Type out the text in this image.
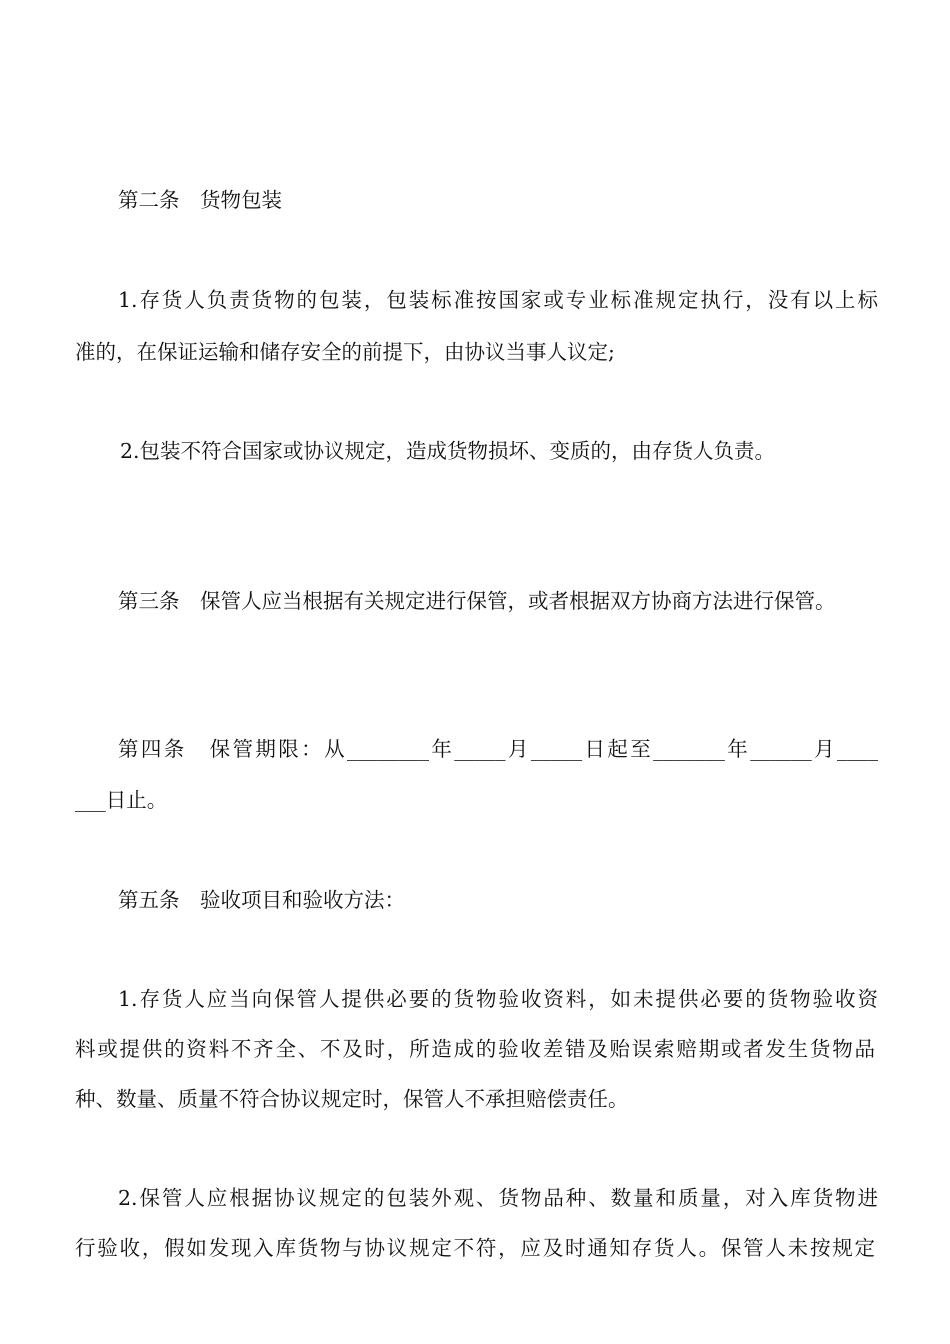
第二条　货物包装

1.存货人负责货物的包装，包装标准按国家或专业标准规定执行，没有以上标

准的，在保证运输和储存安全的前提下，由协议当事人议定;

2.包装不符合国家或协议规定，造成货物损坏、变质的，由存货人负责。

第三条　保管人应当根据有关规定进行保管，或者根据双方协商方法进行保管。

第四条　保管期限：从________年_____月_____日起至_______年______月____

___日止。

第五条　验收项目和验收方法：

1.存货人应当向保管人提供必要的货物验收资料，如未提供必要的货物验收资

料或提供的资料不齐全、不及时，所造成的验收差错及贻误索赔期或者发生货物品

种、数量、质量不符合协议规定时，保管人不承担赔偿责任。

2.保管人应根据协议规定的包装外观、货物品种、数量和质量，对入库货物进

行验收，假如发现入库货物与协议规定不符，应及时通知存货人。保管人未按规定
